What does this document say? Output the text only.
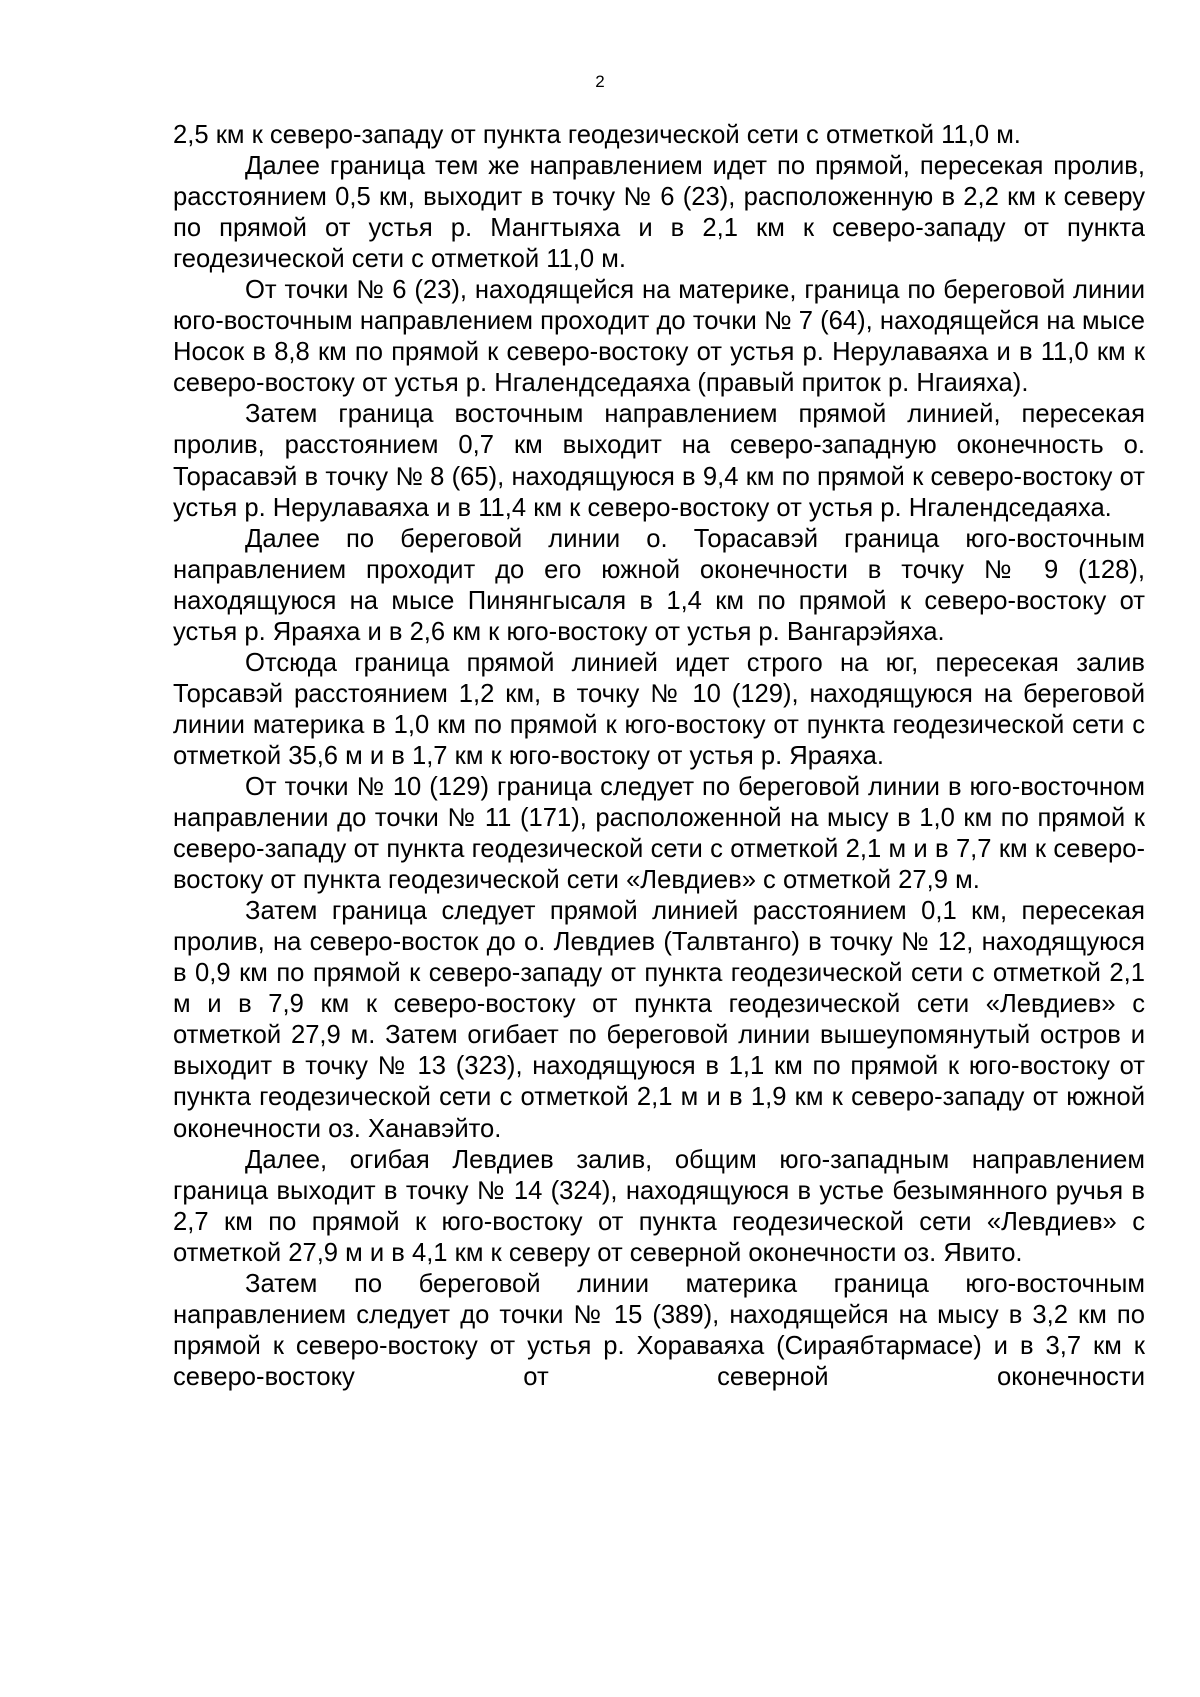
2

2,5 км к северо-западу от пункта геодезической сети с отметкой 11,0 м.

Далее граница тем же направлением идет по прямой, пересекая пролив, расстоянием 0,5 км, выходит в точку № 6 (23), расположенную в 2,2 км к северу по прямой от устья р. Мангтыяха и в 2,1 км к северо-западу от пункта геодезической сети с отметкой 11,0 м.

От точки № 6 (23), находящейся на материке, граница по береговой линии юго-восточным направлением проходит до точки № 7 (64), находящейся на мысе Носок в 8,8 км по прямой к северо-востоку от устья р. Нерулаваяха и в 11,0 км к северо-востоку от устья р. Нгалендседаяха (правый приток р. Нгаияха).

Затем граница восточным направлением прямой линией, пересекая пролив, расстоянием 0,7 км выходит на северо-западную оконечность о. Торасавэй в точку № 8 (65), находящуюся в 9,4 км по прямой к северо-востоку от устья р. Нерулаваяха и в 11,4 км к северо-востоку от устья р. Нгалендседаяха.

Далее по береговой линии о. Торасавэй граница юго-восточным направлением проходит до его южной оконечности в точку № 9 (128), находящуюся на мысе Пинянгысаля в 1,4 км по прямой к северо-востоку от устья р. Яраяха и в 2,6 км к юго-востоку от устья р. Вангарэйяха.

Отсюда граница прямой линией идет строго на юг, пересекая залив Торсавэй расстоянием 1,2 км, в точку № 10 (129), находящуюся на береговой линии материка в 1,0 км по прямой к юго-востоку от пункта геодезической сети с отметкой 35,6 м и в 1,7 км к юго-востоку от устья р. Яраяха.

От точки № 10 (129) граница следует по береговой линии в юго-восточном направлении до точки № 11 (171), расположенной на мысу в 1,0 км по прямой к северо-западу от пункта геодезической сети с отметкой 2,1 м и в 7,7 км к северо-востоку от пункта геодезической сети «Левдиев» с отметкой 27,9 м.

Затем граница следует прямой линией расстоянием 0,1 км, пересекая пролив, на северо-восток до о. Левдиев (Талвтанго) в точку № 12, находящуюся в 0,9 км по прямой к северо-западу от пункта геодезической сети с отметкой 2,1 м и в 7,9 км к северо-востоку от пункта геодезической сети «Левдиев» с отметкой 27,9 м. Затем огибает по береговой линии вышеупомянутый остров и выходит в точку № 13 (323), находящуюся в 1,1 км по прямой к юго-востоку от пункта геодезической сети с отметкой 2,1 м и в 1,9 км к северо-западу от южной оконечности оз. Ханавэйто.

Далее, огибая Левдиев залив, общим юго-западным направлением граница выходит в точку № 14 (324), находящуюся в устье безымянного ручья в 2,7 км по прямой к юго-востоку от пункта геодезической сети «Левдиев» с отметкой 27,9 м и в 4,1 км к северу от северной оконечности оз. Явито.

Затем по береговой линии материка граница юго-восточным направлением следует до точки № 15 (389), находящейся на мысу в 3,2 км по прямой к северо-востоку от устья р. Хораваяха (Сираябтармасе) и в 3,7 км к северо-востоку от северной оконечности
